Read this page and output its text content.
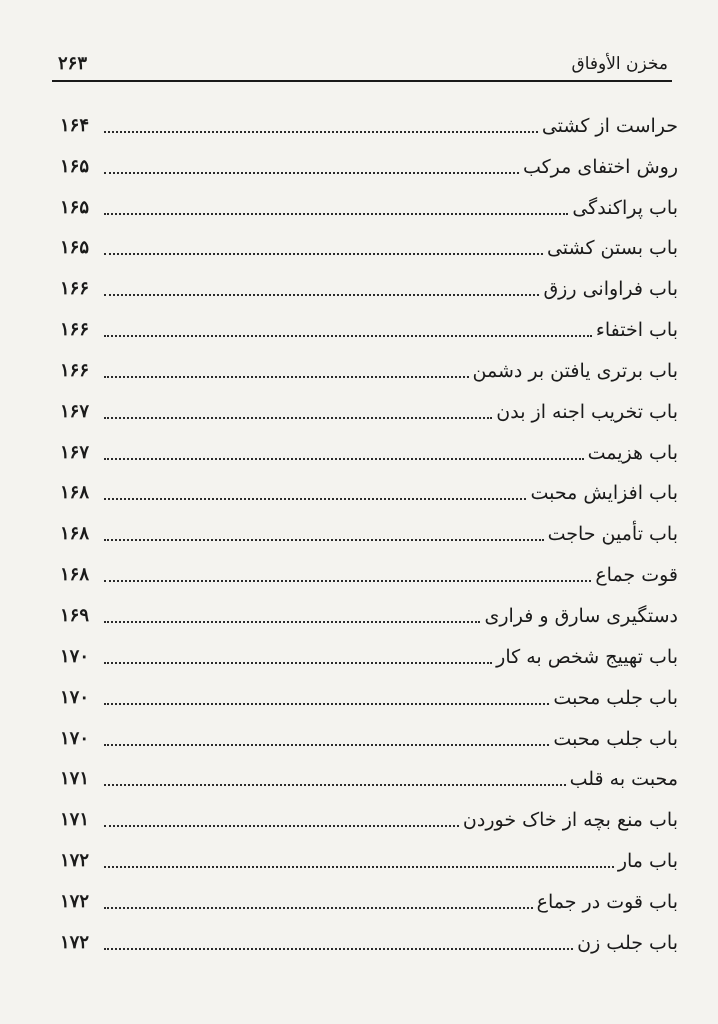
مخزن الأوفاق
۲۶۳
حراست از کشتی
۱۶۴
روش اختفای مرکب
۱۶۵
باب پراکندگی
۱۶۵
باب بستن کشتی
۱۶۵
باب فراوانی رزق
۱۶۶
باب اختفاء
۱۶۶
باب برتری یافتن بر دشمن
۱۶۶
باب تخریب اجنه از بدن
۱۶۷
باب هزیمت
۱۶۷
باب افزایش محبت
۱۶۸
باب تأمین حاجت
۱۶۸
قوت جماع
۱۶۸
دستگیری سارق و فراری
۱۶۹
باب تهییج شخص به کار
۱۷۰
باب جلب محبت
۱۷۰
باب جلب محبت
۱۷۰
محبت به قلب
۱۷۱
باب منع بچه از خاک خوردن
۱۷۱
باب مار
۱۷۲
باب قوت در جماع
۱۷۲
باب جلب زن
۱۷۲
